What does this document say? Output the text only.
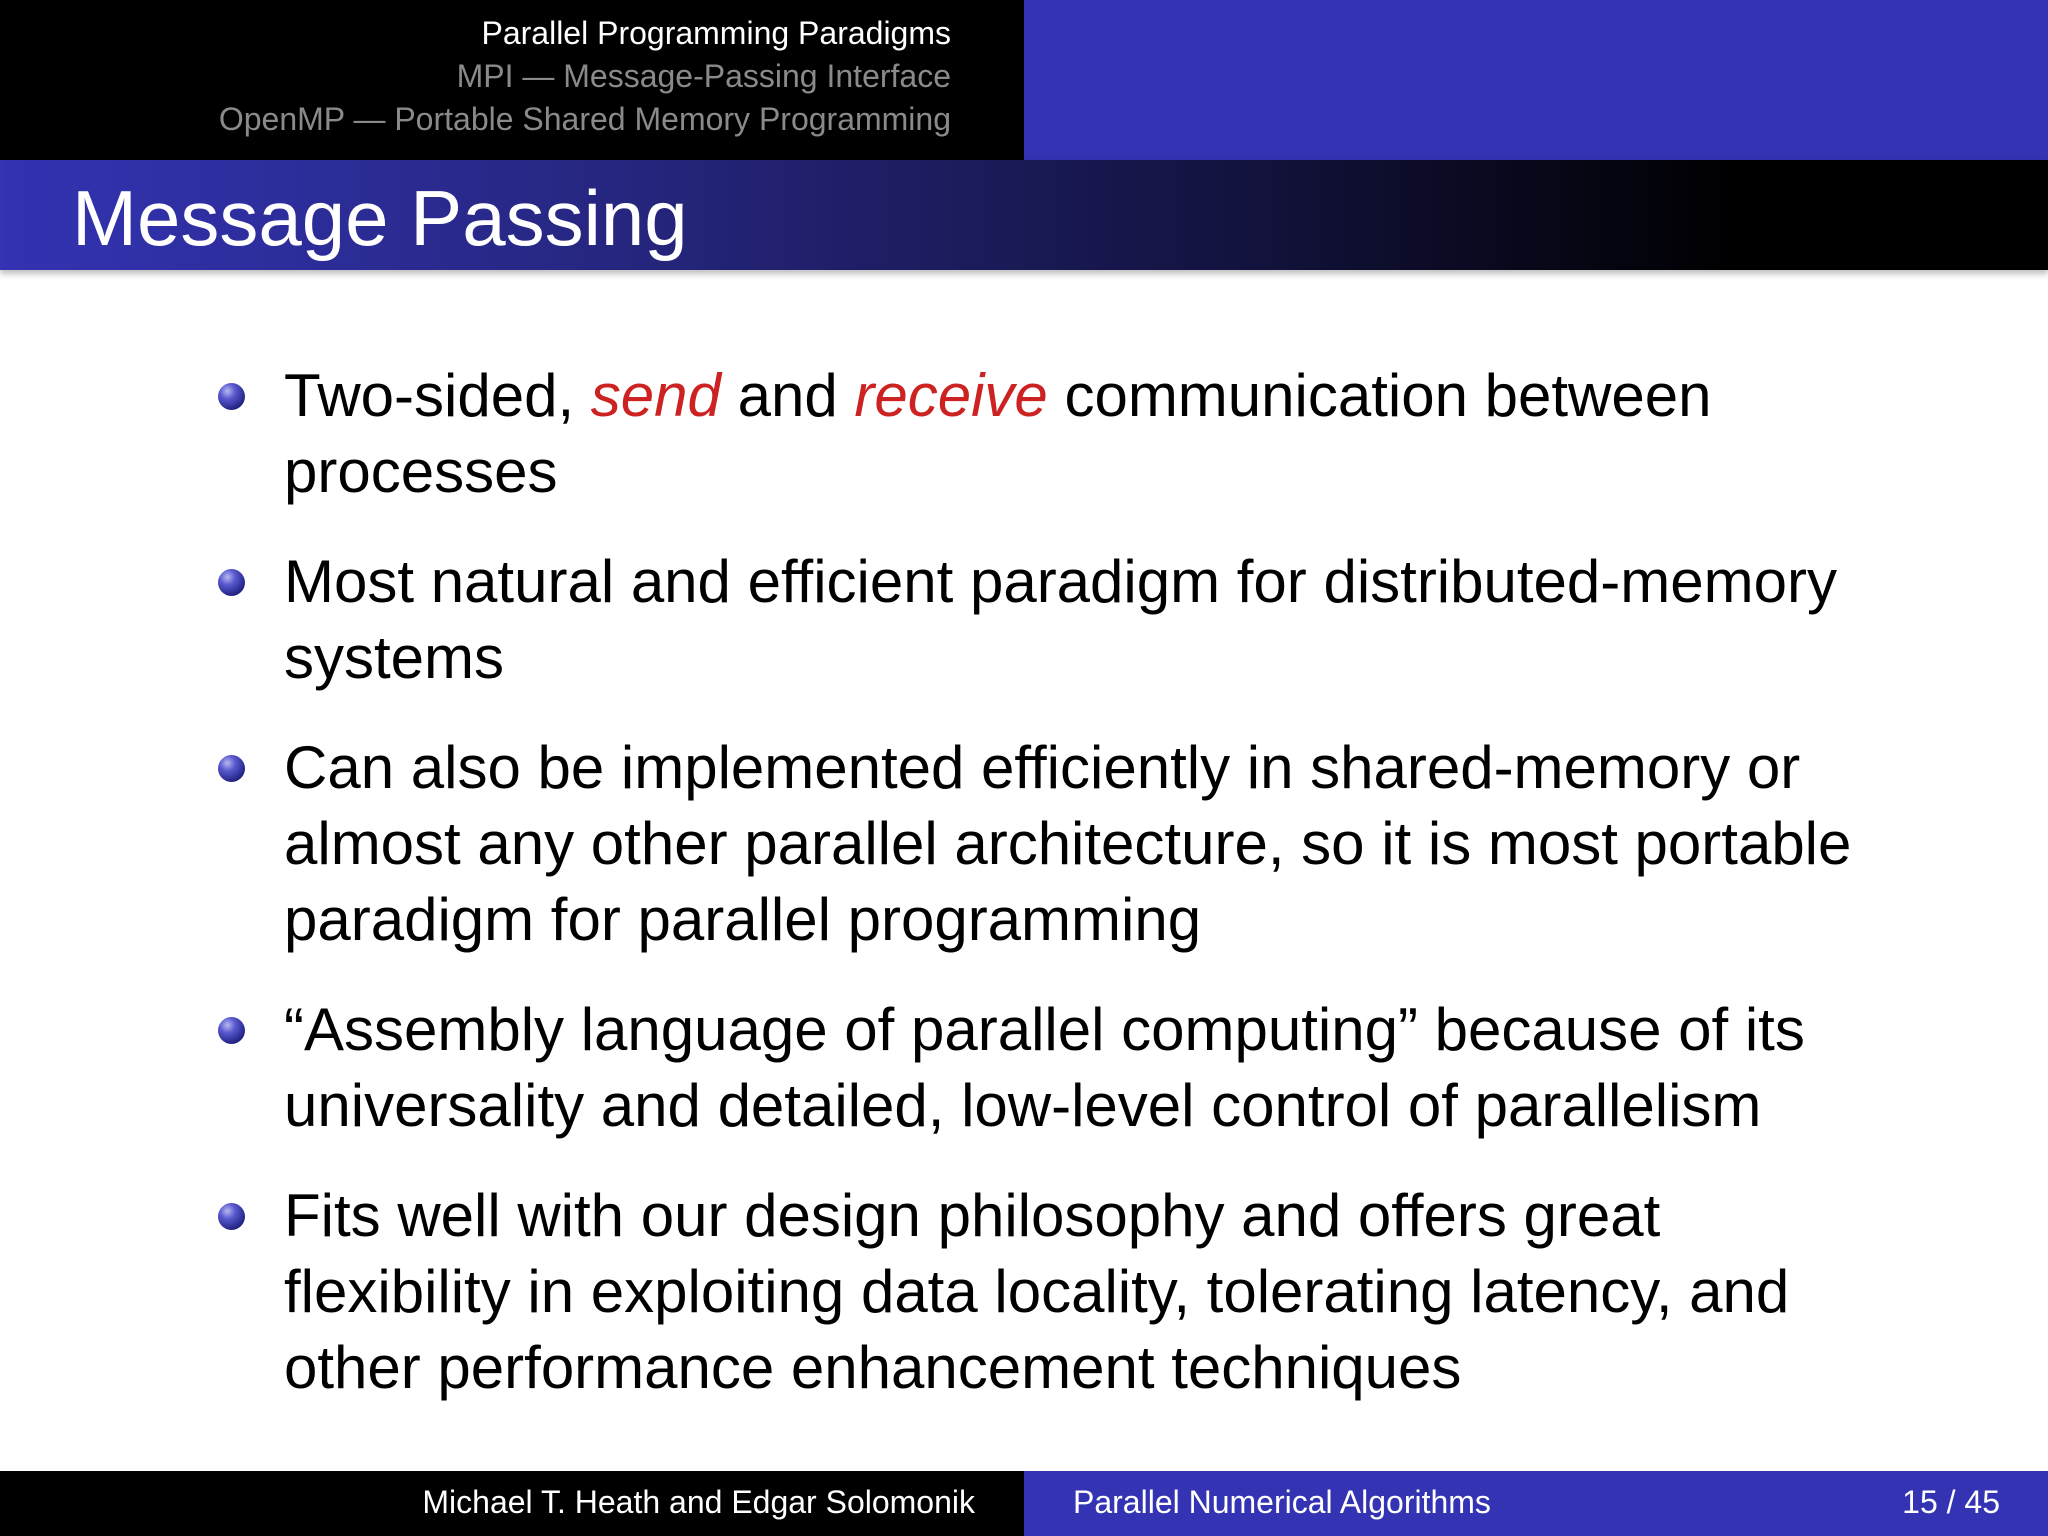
Parallel Programming Paradigms
MPI — Message-Passing Interface
OpenMP — Portable Shared Memory Programming
Message Passing
Two-sided, send and receive communication between processes
Most natural and efficient paradigm for distributed-memory systems
Can also be implemented efficiently in shared-memory or almost any other parallel architecture, so it is most portable paradigm for parallel programming
“Assembly language of parallel computing” because of its universality and detailed, low-level control of parallelism
Fits well with our design philosophy and offers great flexibility in exploiting data locality, tolerating latency, and other performance enhancement techniques
Michael T. Heath and Edgar Solomonik	Parallel Numerical Algorithms	15 / 45
